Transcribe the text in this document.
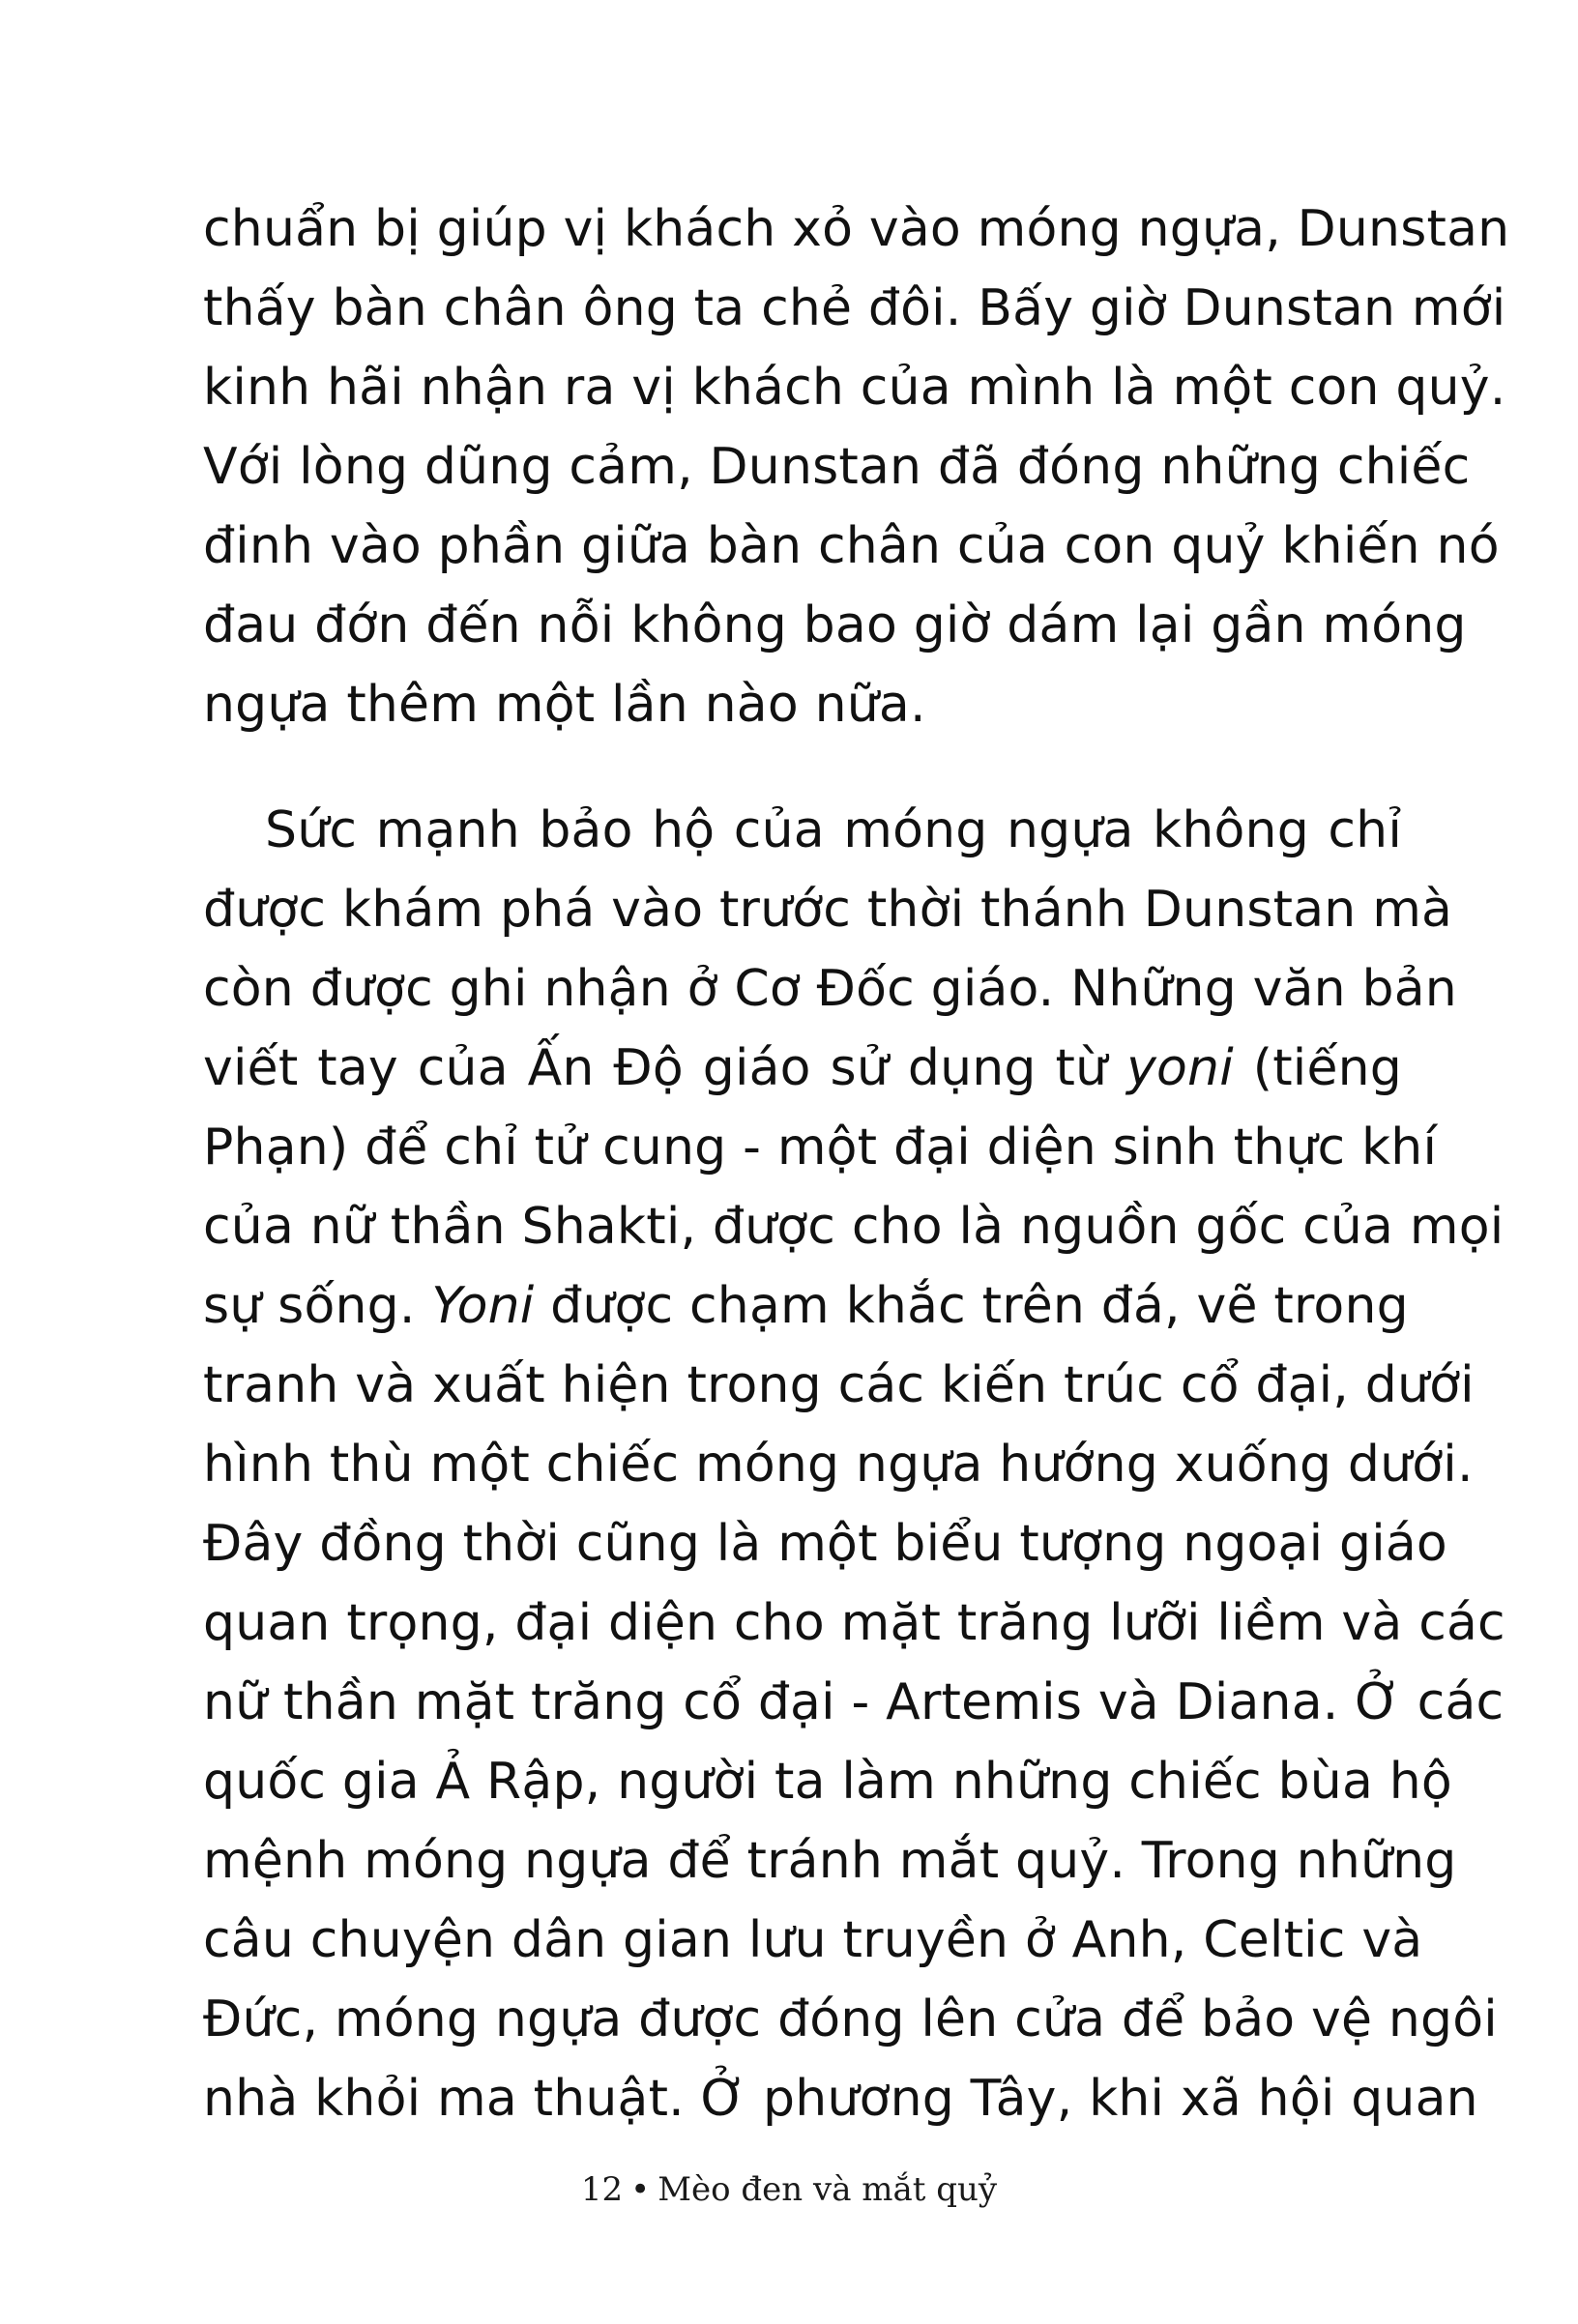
chuẩn bị giúp vị khách xỏ vào móng ngựa, Dunstan
thấy bàn chân ông ta chẻ đôi. Bấy giờ Dunstan mới
kinh hãi nhận ra vị khách của mình là một con quỷ.
Với lòng dũng cảm, Dunstan đã đóng những chiếc
đinh vào phần giữa bàn chân của con quỷ khiến nó
đau đớn đến nỗi không bao giờ dám lại gần móng
ngựa thêm một lần nào nữa.
Sức mạnh bảo hộ của móng ngựa không chỉ
được khám phá vào trước thời thánh Dunstan mà
còn được ghi nhận ở Cơ Đốc giáo. Những văn bản
viết tay của Ấn Độ giáo sử dụng từ yoni (tiếng
Phạn) để chỉ tử cung - một đại diện sinh thực khí
của nữ thần Shakti, được cho là nguồn gốc của mọi
sự sống. Yoni được chạm khắc trên đá, vẽ trong
tranh và xuất hiện trong các kiến trúc cổ đại, dưới
hình thù một chiếc móng ngựa hướng xuống dưới.
Đây đồng thời cũng là một biểu tượng ngoại giáo
quan trọng, đại diện cho mặt trăng lưỡi liềm và các
nữ thần mặt trăng cổ đại - Artemis và Diana. Ở các
quốc gia Ả Rập, người ta làm những chiếc bùa hộ
mệnh móng ngựa để tránh mắt quỷ. Trong những
câu chuyện dân gian lưu truyền ở Anh, Celtic và
Đức, móng ngựa được đóng lên cửa để bảo vệ ngôi
nhà khỏi ma thuật. Ở phương Tây, khi xã hội quan
12 • Mèo đen và mắt quỷ
